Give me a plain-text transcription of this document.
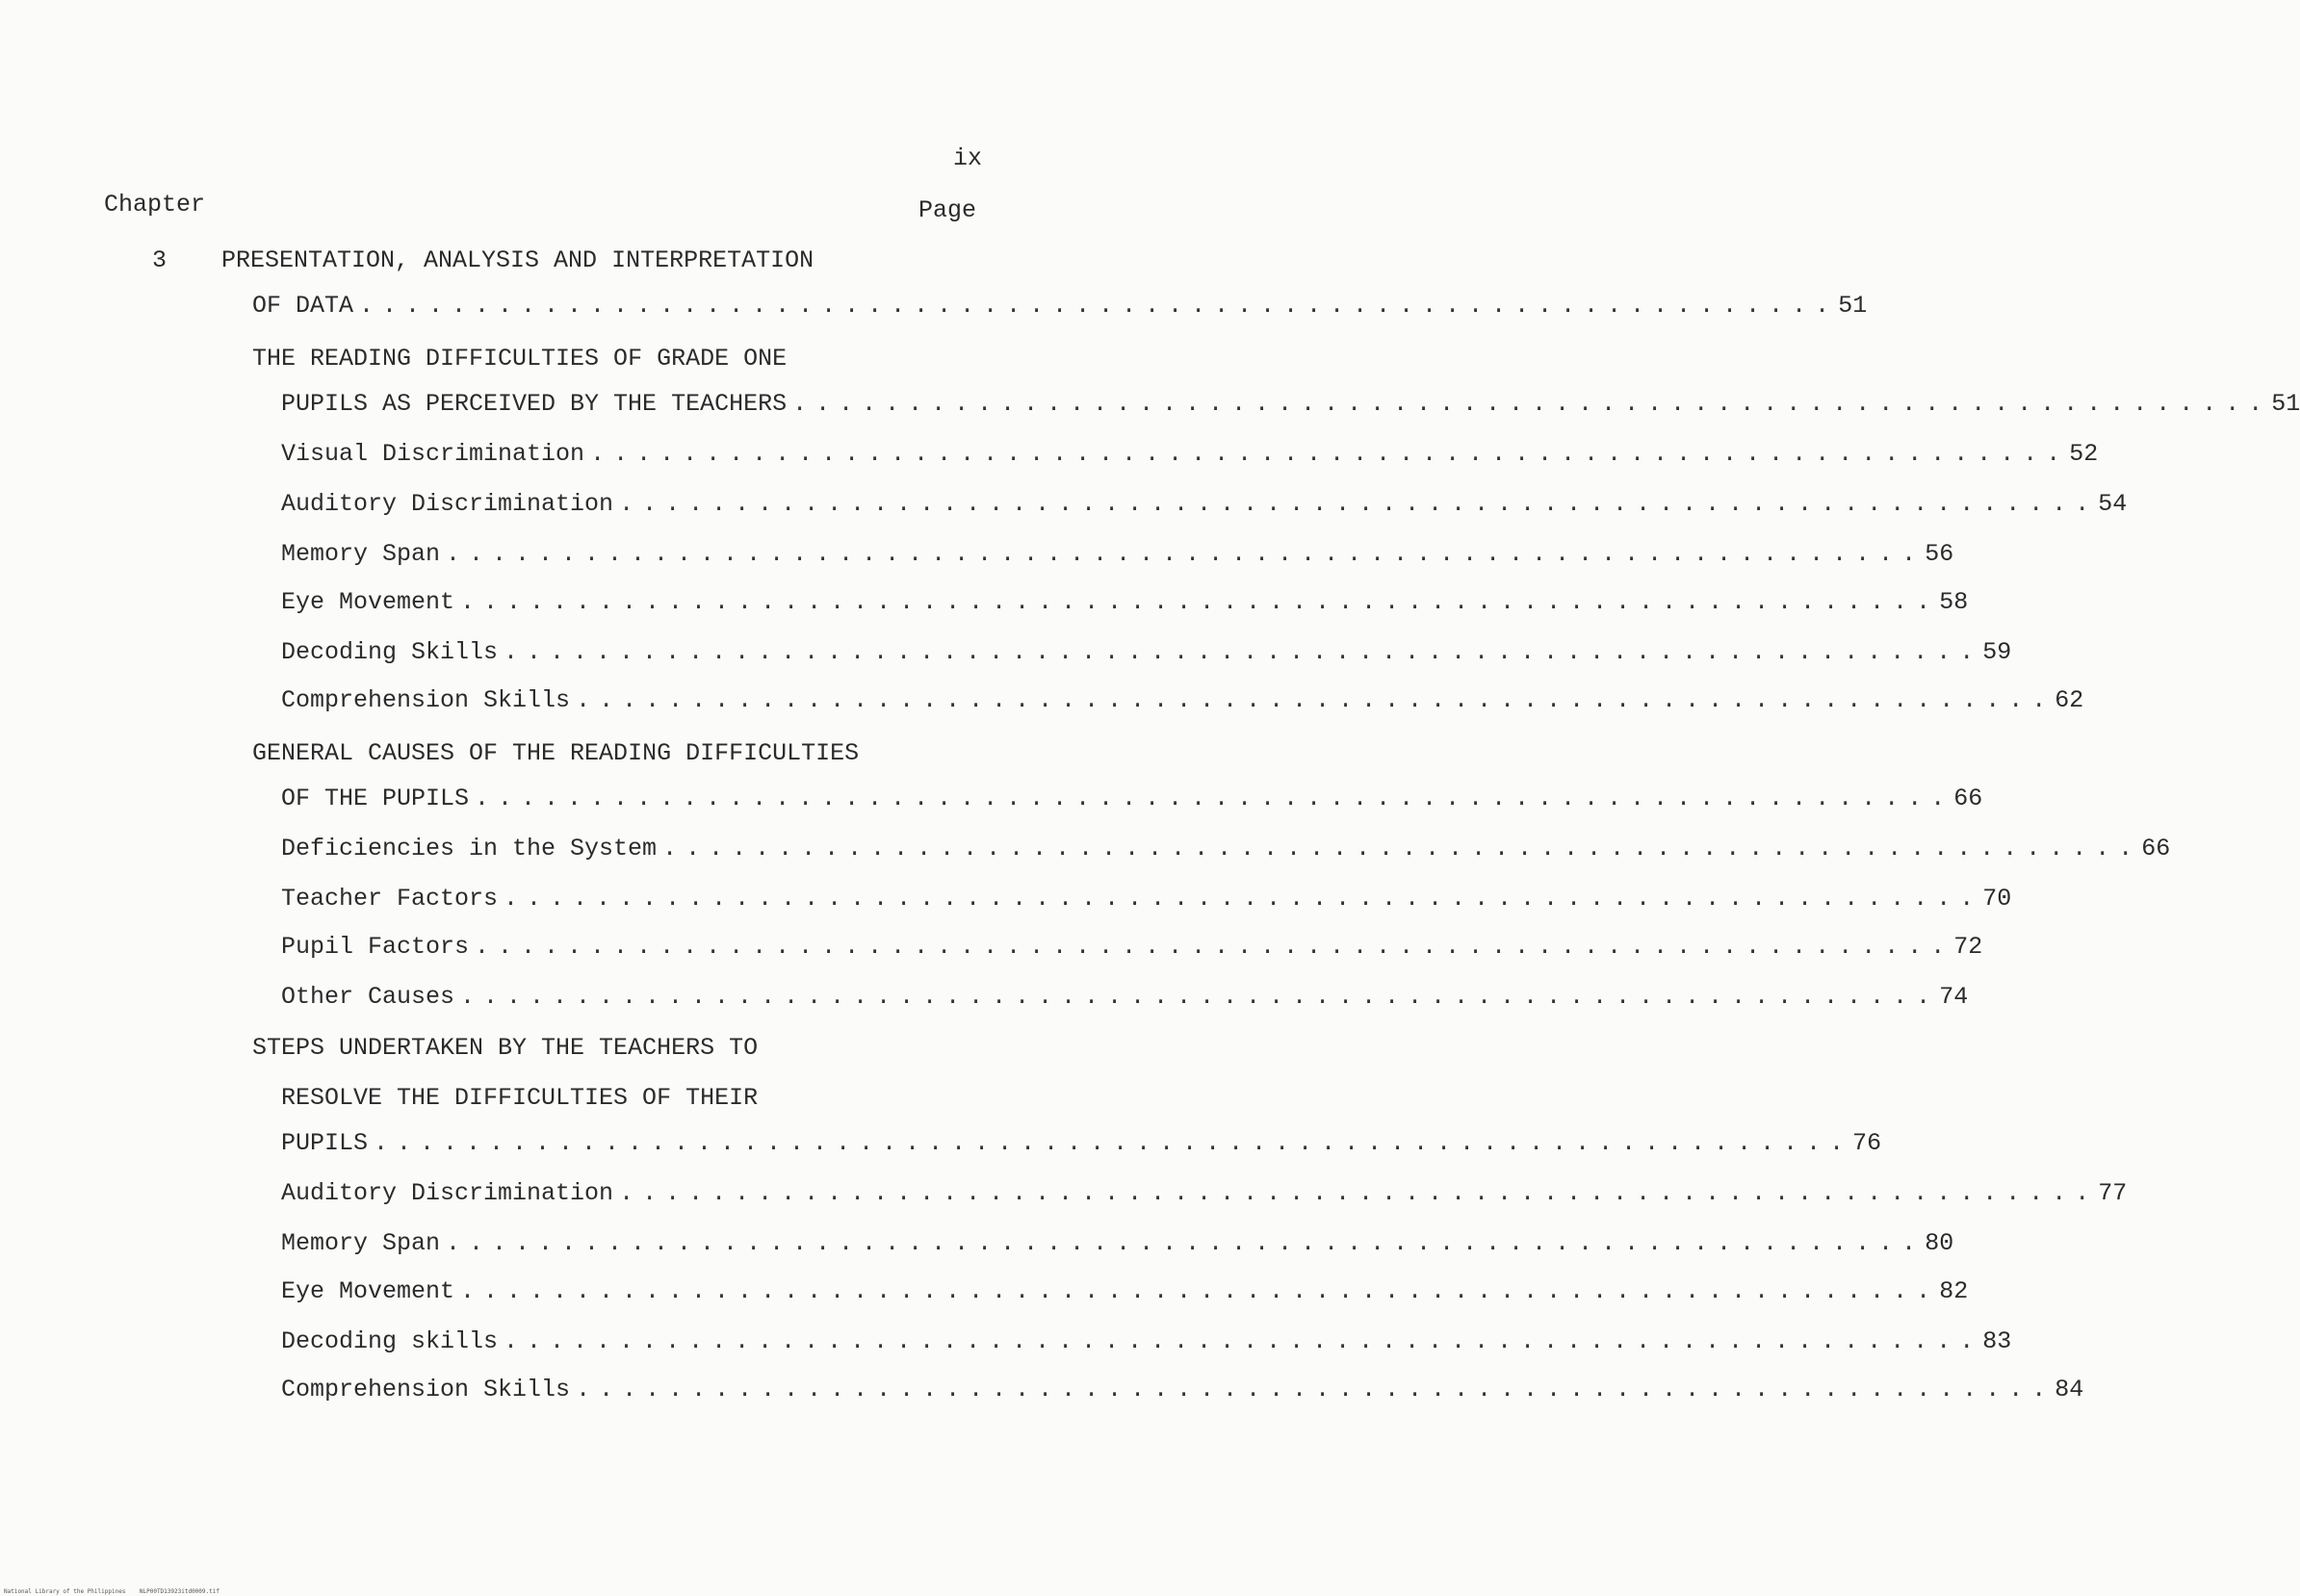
ix
Chapter	Page
3 PRESENTATION, ANALYSIS AND INTERPRETATION
OF DATA ................................................................ 51
THE READING DIFFICULTIES OF GRADE ONE
PUPILS AS PERCEIVED BY THE TEACHERS ................................................................ 51
Visual Discrimination ................................................................ 52
Auditory Discrimination ................................................................ 54
Memory Span ................................................................ 56
Eye Movement ................................................................ 58
Decoding Skills ................................................................ 59
Comprehension Skills ................................................................ 62
GENERAL CAUSES OF THE READING DIFFICULTIES
OF THE PUPILS ................................................................ 66
Deficiencies in the System ................................................................ 66
Teacher Factors ................................................................ 70
Pupil Factors ................................................................ 72
Other Causes ................................................................ 74
STEPS UNDERTAKEN BY THE TEACHERS TO
RESOLVE THE DIFFICULTIES OF THEIR
PUPILS ................................................................ 76
Auditory Discrimination ................................................................ 77
Memory Span ................................................................ 80
Eye Movement ................................................................ 82
Decoding skills ................................................................ 83
Comprehension Skills ................................................................ 84
National Library of the Philippines    NLP00TD13923itd0009.tif
